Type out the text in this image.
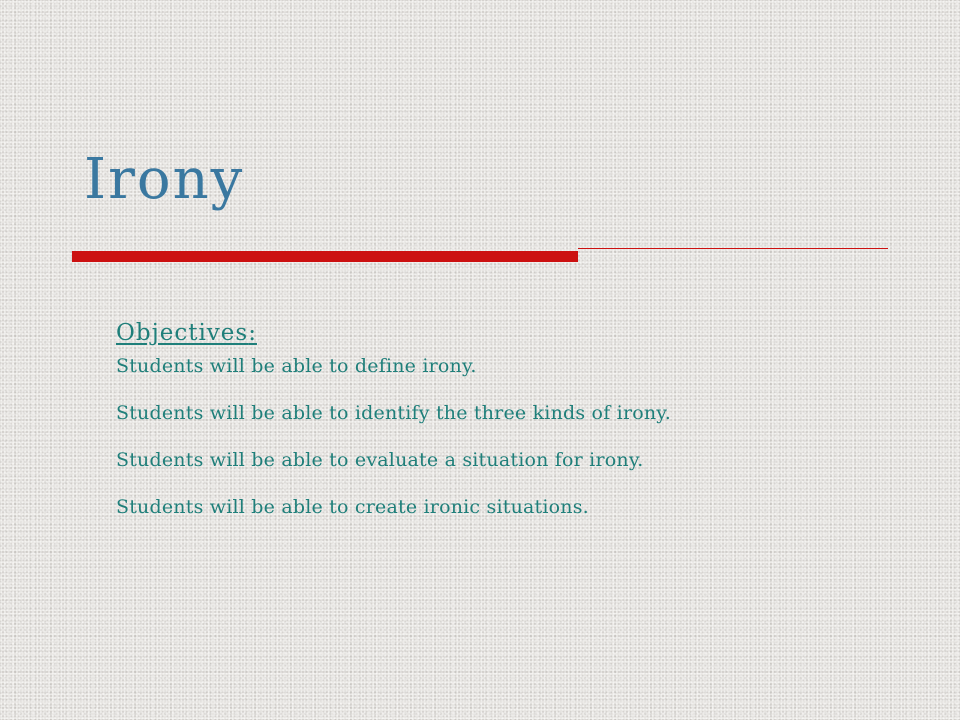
Irony
Objectives:
Students will be able to define irony.
Students will be able to identify the three kinds of irony.
Students will be able to evaluate a situation for irony.
Students will be able to create ironic situations.
